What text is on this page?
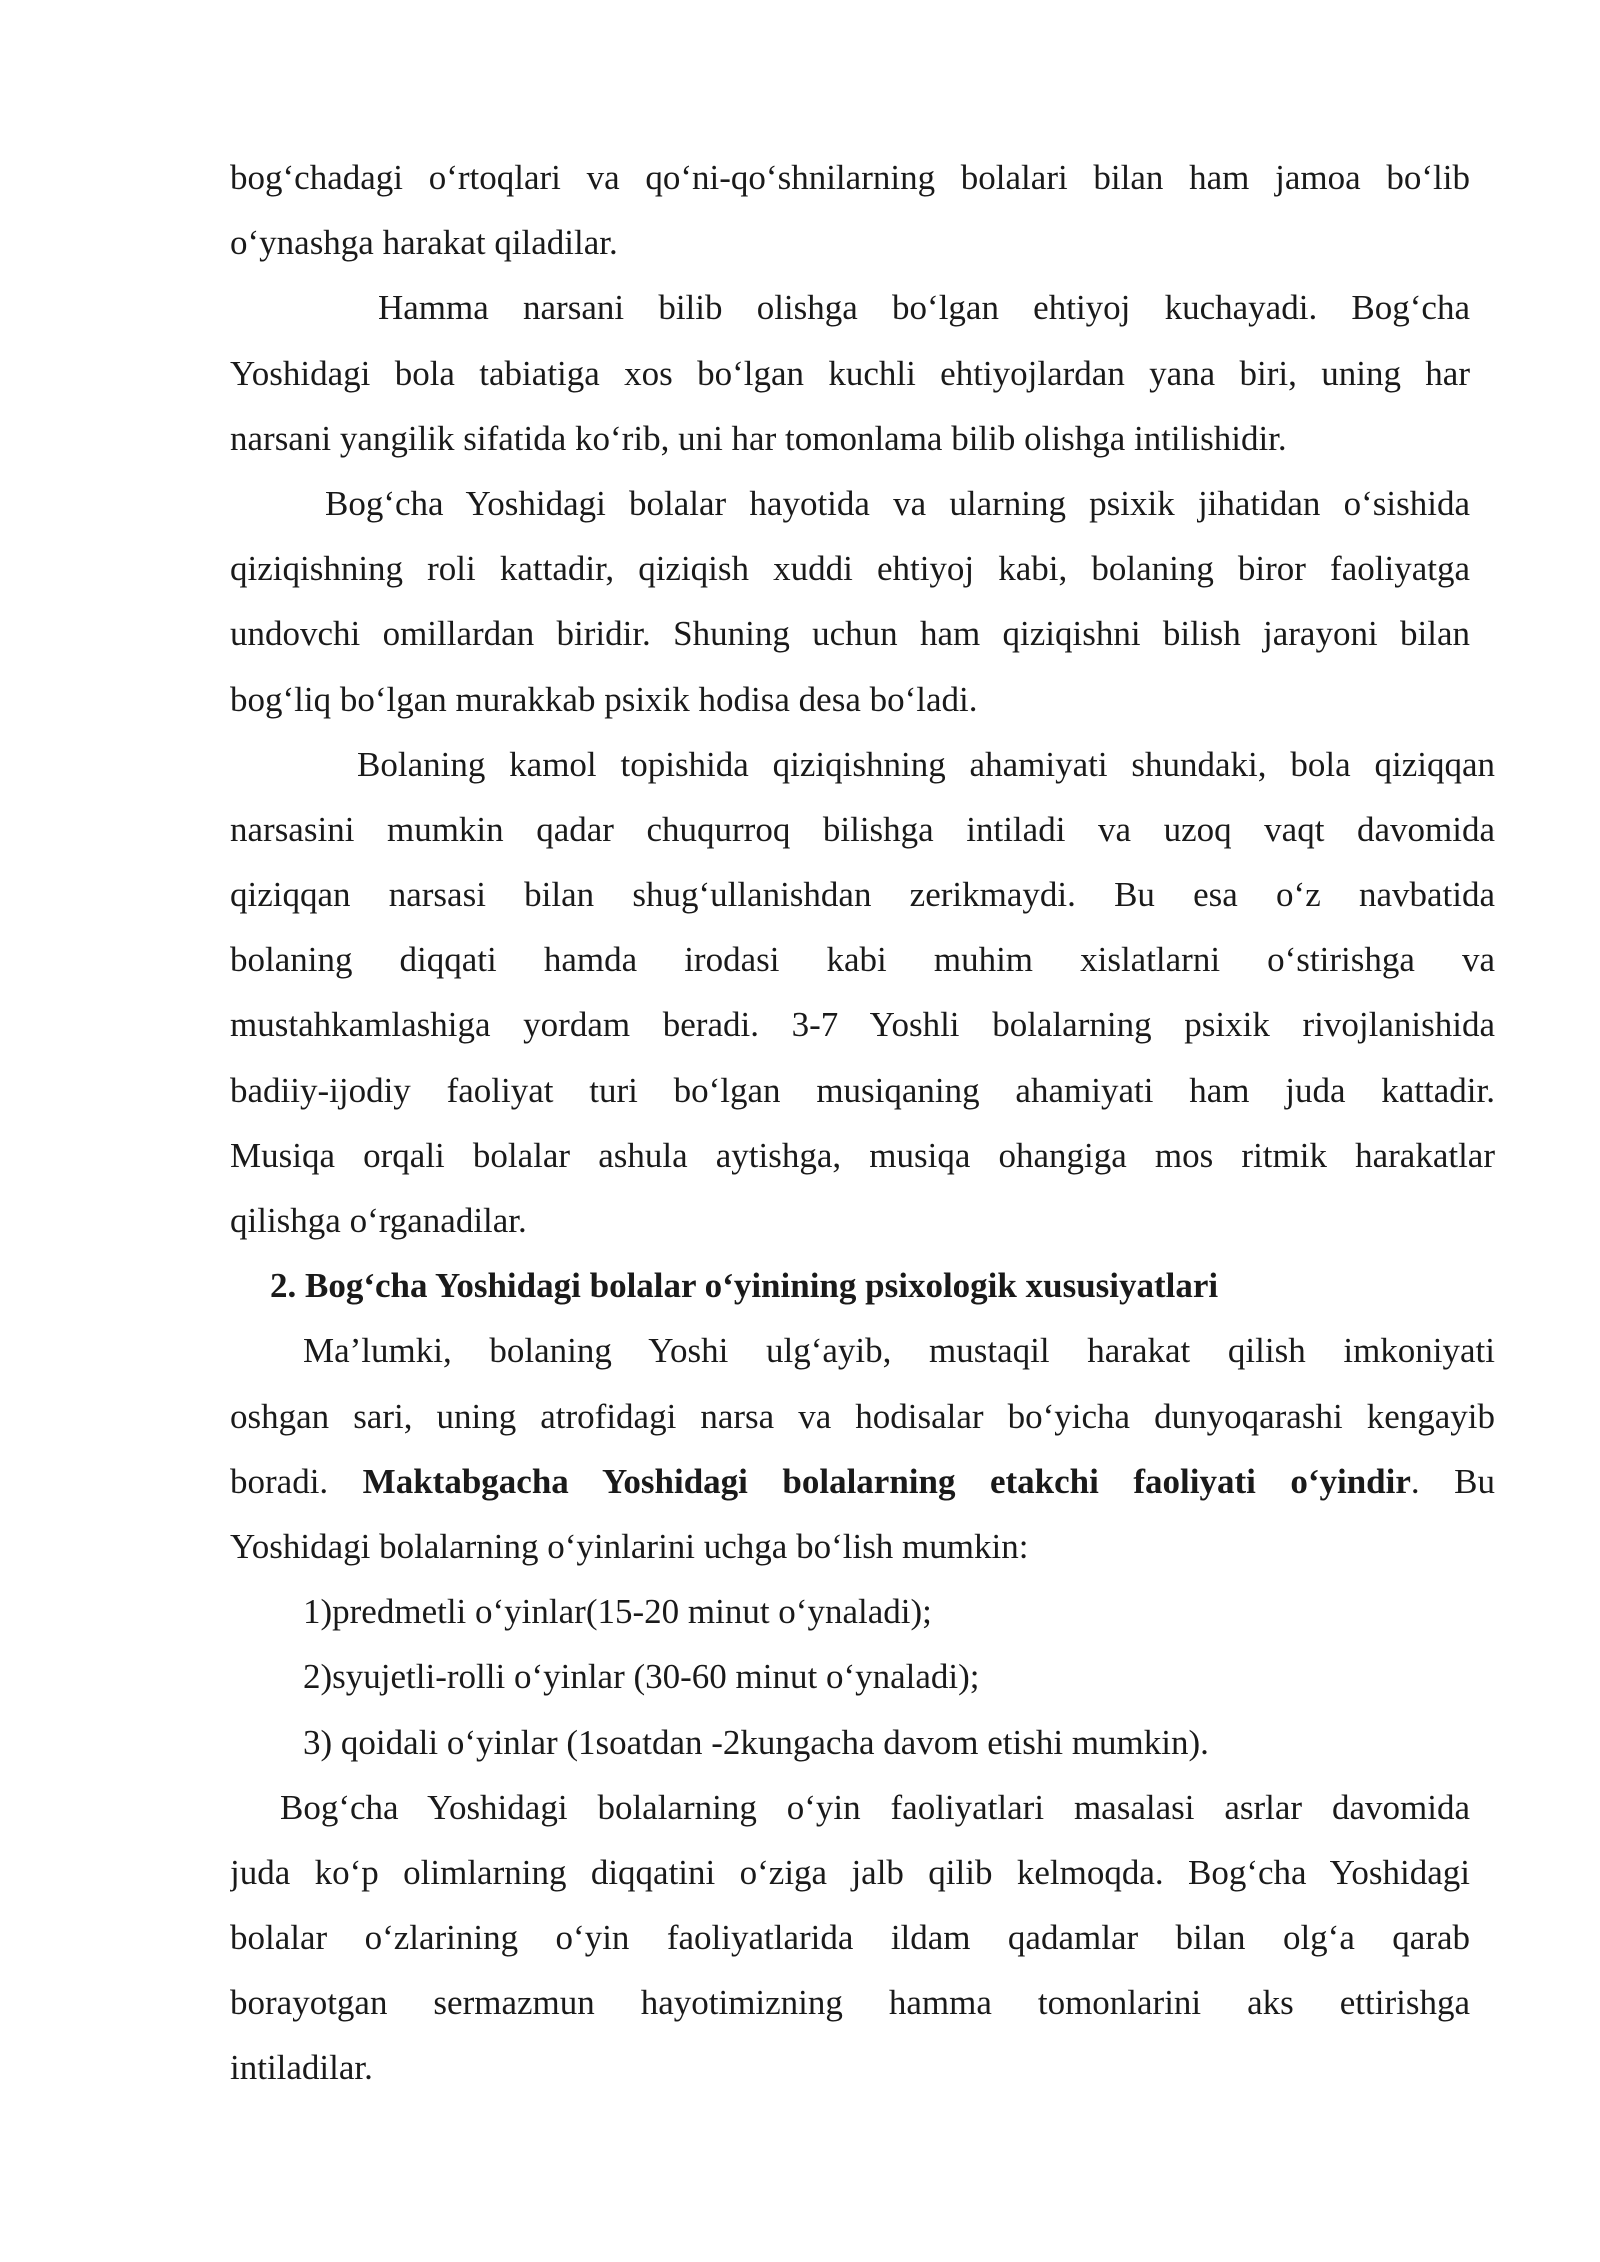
bog‘chadagi o‘rtoqlari va qo‘ni-qo‘shnilarning bolalari bilan ham jamoa bo‘lib
o‘ynashga harakat qiladilar.
Hamma narsani bilib olishga bo‘lgan ehtiyoj kuchayadi. Bog‘cha
Yoshidagi bola tabiatiga xos bo‘lgan kuchli ehtiyojlardan yana biri, uning har
narsani yangilik sifatida ko‘rib, uni har tomonlama bilib olishga intilishidir.
Bog‘cha Yoshidagi bolalar hayotida va ularning psixik jihatidan o‘sishida
qiziqishning roli kattadir, qiziqish xuddi ehtiyoj kabi, bolaning biror faoliyatga
undovchi omillardan biridir. Shuning uchun ham qiziqishni bilish jarayoni bilan
bog‘liq bo‘lgan murakkab psixik hodisa desa bo‘ladi.
Bolaning kamol topishida qiziqishning ahamiyati shundaki, bola qiziqqan
narsasini mumkin qadar chuqurroq bilishga intiladi va uzoq vaqt davomida
qiziqqan narsasi bilan shug‘ullanishdan zerikmaydi. Bu esa o‘z navbatida
bolaning diqqati hamda irodasi kabi muhim xislatlarni o‘stirishga va
mustahkamlashiga yordam beradi. 3-7 Yoshli bolalarning psixik rivojlanishida
badiiy-ijodiy faoliyat turi bo‘lgan musiqaning ahamiyati ham juda kattadir.
Musiqa orqali bolalar ashula aytishga, musiqa ohangiga mos ritmik harakatlar
qilishga o‘rganadilar.
2. Bog‘cha Yoshidagi bolalar o‘yinining psixologik xususiyatlari
Ma’lumki, bolaning Yoshi ulg‘ayib, mustaqil harakat qilish imkoniyati
oshgan sari, uning atrofidagi narsa va hodisalar bo‘yicha dunyoqarashi kengayib
boradi. Maktabgacha Yoshidagi bolalarning etakchi faoliyati o‘yindir. Bu
Yoshidagi bolalarning o‘yinlarini uchga bo‘lish mumkin:
1)predmetli o‘yinlar(15-20 minut o‘ynaladi);
2)syujetli-rolli o‘yinlar (30-60 minut o‘ynaladi);
3) qoidali o‘yinlar (1soatdan -2kungacha davom etishi mumkin).
Bog‘cha Yoshidagi bolalarning o‘yin faoliyatlari masalasi asrlar davomida
juda ko‘p olimlarning diqqatini o‘ziga jalb qilib kelmoqda. Bog‘cha Yoshidagi
bolalar o‘zlarining o‘yin faoliyatlarida ildam qadamlar bilan olg‘a qarab
borayotgan sermazmun hayotimizning hamma tomonlarini aks ettirishga
intiladilar.
